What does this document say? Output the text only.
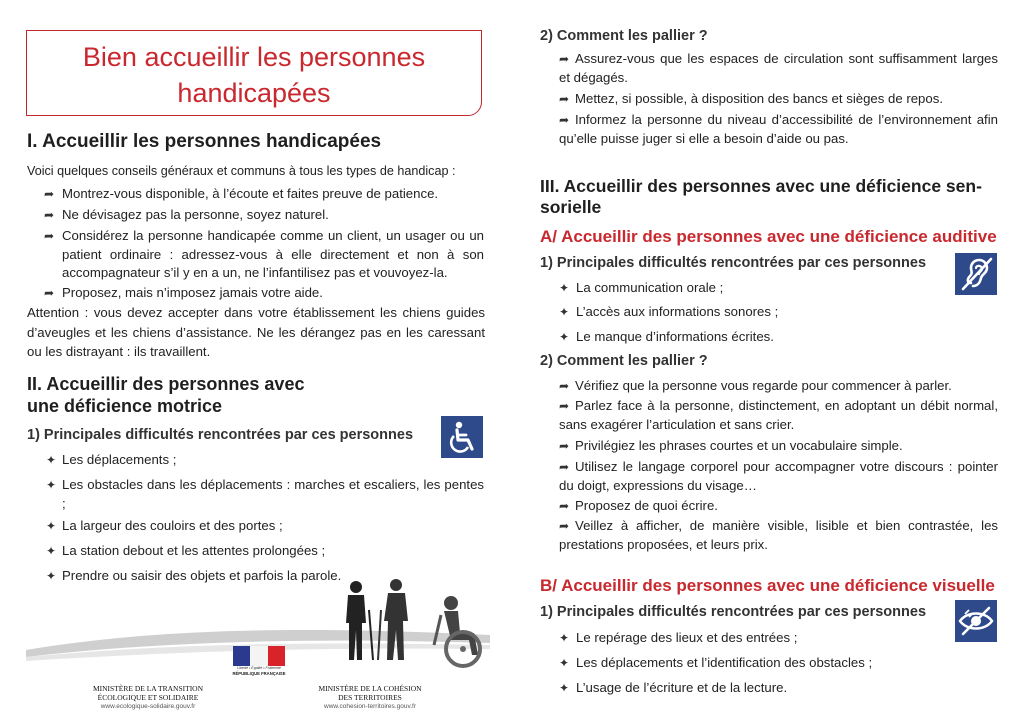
Bien accueillir les personnes
handicapées
I. Accueillir les personnes handicapées
Voici quelques conseils généraux et communs à tous les types de handicap :
➦ Montrez-vous disponible, à l’écoute et faites preuve de patience.
➦ Ne dévisagez pas la personne, soyez naturel.
➦ Considérez la personne handicapée comme un client, un usager ou un patient ordinaire : adressez-vous à elle directement et non à son accompagnateur s’il y en a un, ne l’infantilisez pas et vouvoyez-la.
➦ Proposez, mais n’imposez jamais votre aide.
Attention : vous devez accepter dans votre établissement les chiens guides d’aveugles et les chiens d’assistance. Ne les dérangez pas en les caressant ou les distrayant : ils travaillent.
II. Accueillir des personnes avec
une déficience motrice
1) Principales difficultés rencontrées par ces personnes
✦ Les déplacements ;
✦ Les obstacles dans les déplacements : marches et escaliers, les pentes ;
✦ La largeur des couloirs et des portes ;
✦ La station debout et les attentes prolongées ;
✦ Prendre ou saisir des objets et parfois la parole.
MINISTÈRE DE LA TRANSITION
ÉCOLOGIQUE ET SOLIDAIRE
www.ecologique-solidaire.gouv.fr
Liberté • Égalité • Fraternité
RÉPUBLIQUE FRANÇAISE
MINISTÈRE DE LA COHÉSION
DES TERRITOIRES
www.cohesion-territoires.gouv.fr
2) Comment les pallier ?
➦ Assurez-vous que les espaces de circulation sont suffisamment larges et dégagés.
➦ Mettez, si possible, à disposition des bancs et sièges de repos.
➦ Informez la personne du niveau d’accessibilité de l’environnement afin qu’elle puisse juger si elle a besoin d’aide ou pas.
III. Accueillir des personnes avec une déficience sen-
sorielle
A/ Accueillir des personnes avec une déficience auditive
1) Principales difficultés rencontrées par ces personnes
✦ La communication orale ;
✦ L’accès aux informations sonores ;
✦ Le manque d’informations écrites.
2) Comment les pallier ?
➦ Vérifiez que la personne vous regarde pour commencer à parler.
➦ Parlez face à la personne, distinctement, en adoptant un débit normal, sans exagérer l’articulation et sans crier.
➦ Privilégiez les phrases courtes et un vocabulaire simple.
➦ Utilisez le langage corporel pour accompagner votre discours : pointer du doigt, expressions du visage…
➦ Proposez de quoi écrire.
➦ Veillez à afficher, de manière visible, lisible et bien contrastée, les prestations proposées, et leurs prix.
B/ Accueillir des personnes avec une déficience visuelle
1) Principales difficultés rencontrées par ces personnes
✦ Le repérage des lieux et des entrées ;
✦ Les déplacements et l’identification des obstacles ;
✦ L’usage de l’écriture et de la lecture.
